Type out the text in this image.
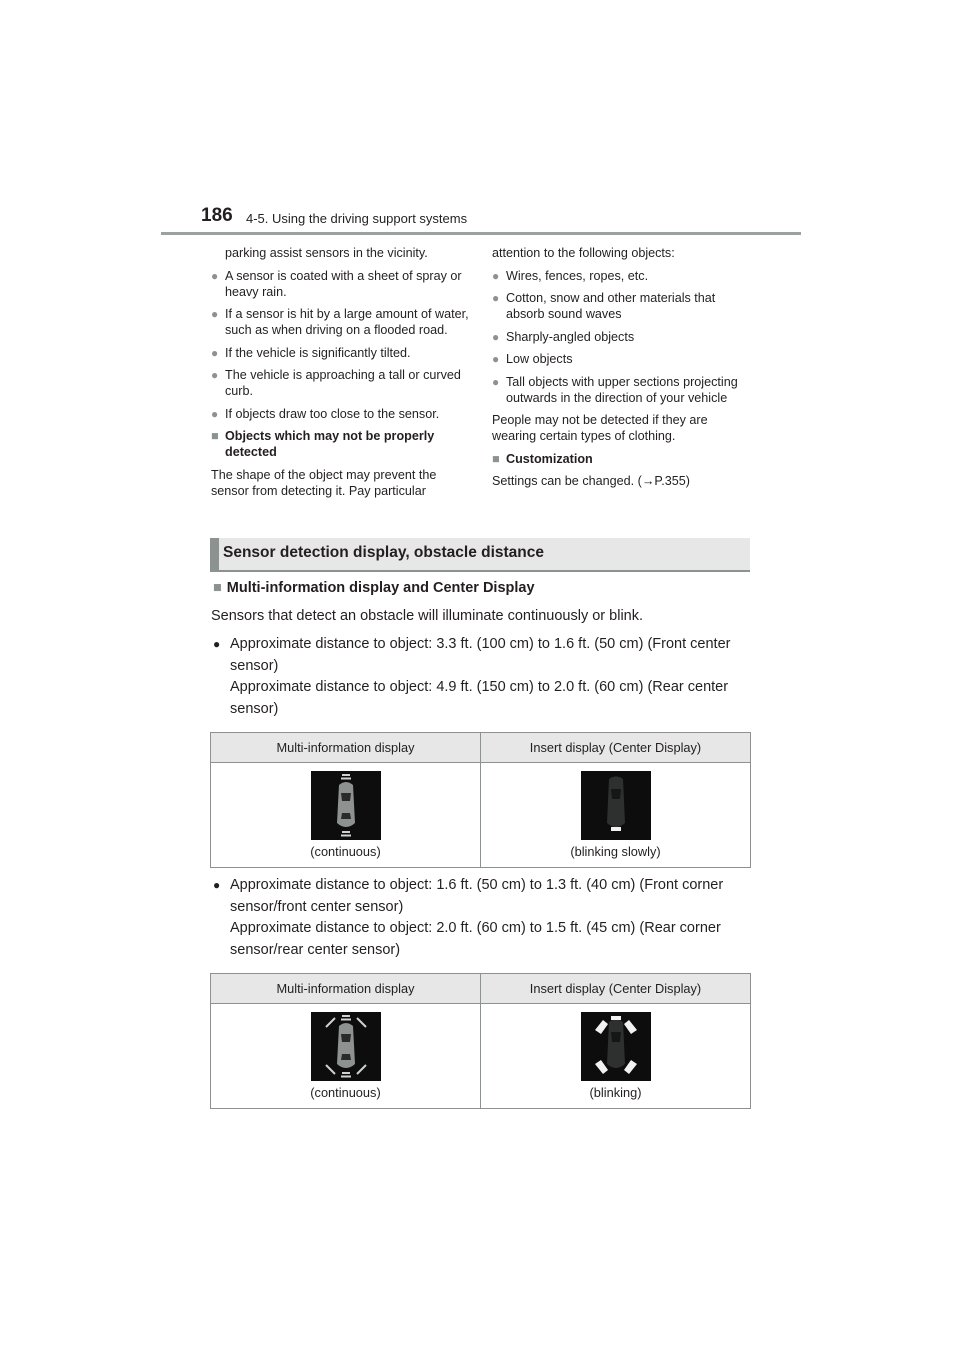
186 4-5. Using the driving support systems

parking assist sensors in the vicinity.

● A sensor is coated with a sheet of spray or heavy rain.
● If a sensor is hit by a large amount of water, such as when driving on a flooded road.
● If the vehicle is significantly tilted.
● The vehicle is approaching a tall or curved curb.
● If objects draw too close to the sensor.
■ Objects which may not be properly detected

The shape of the object may prevent the sensor from detecting it. Pay particular

attention to the following objects:

● Wires, fences, ropes, etc.
● Cotton, snow and other materials that absorb sound waves
● Sharply-angled objects
● Low objects
● Tall objects with upper sections projecting outwards in the direction of your vehicle

People may not be detected if they are wearing certain types of clothing.

■ Customization

Settings can be changed. (→P.355)

Sensor detection display, obstacle distance
■ Multi-information display and Center Display
Sensors that detect an obstacle will illuminate continuously or blink.
● Approximate distance to object: 3.3 ft. (100 cm) to 1.6 ft. (50 cm) (Front center sensor)
Approximate distance to object: 4.9 ft. (150 cm) to 2.0 ft. (60 cm) (Rear center sensor)
Multi-information display	Insert display (Center Display)

(continuous)	(blinking slowly)
● Approximate distance to object: 1.6 ft. (50 cm) to 1.3 ft. (40 cm) (Front corner sensor/front center sensor)
Approximate distance to object: 2.0 ft. (60 cm) to 1.5 ft. (45 cm) (Rear corner sensor/rear center sensor)
Multi-information display	Insert display (Center Display)

(continuous)	(blinking)
